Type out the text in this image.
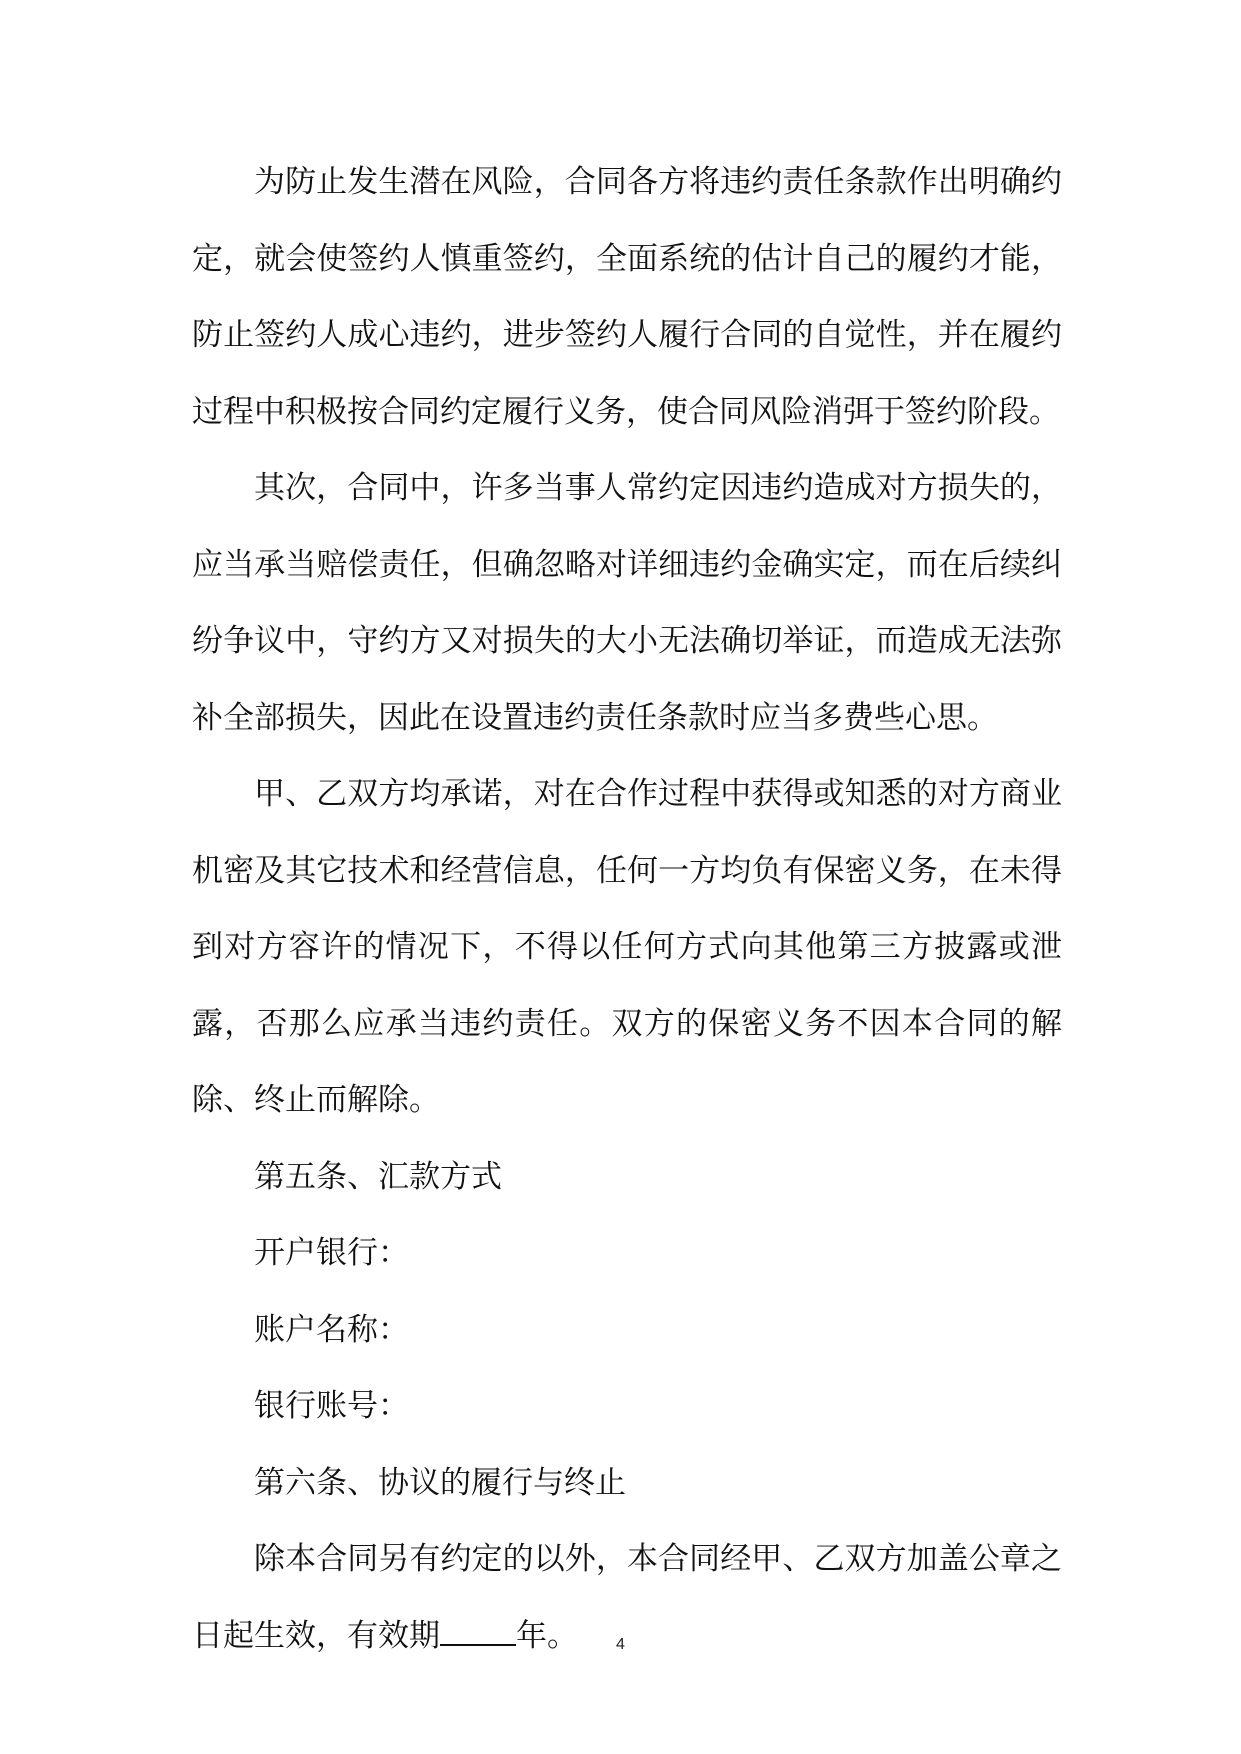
为防止发生潜在风险，合同各方将违约责任条款作出明确约定，就会使签约人慎重签约，全面系统的估计自己的履约才能，防止签约人成心违约，进步签约人履行合同的自觉性，并在履约过程中积极按合同约定履行义务，使合同风险消弭于签约阶段。

其次，合同中，许多当事人常约定因违约造成对方损失的，应当承当赔偿责任，但确忽略对详细违约金确实定，而在后续纠纷争议中，守约方又对损失的大小无法确切举证，而造成无法弥补全部损失，因此在设置违约责任条款时应当多费些心思。

甲、乙双方均承诺，对在合作过程中获得或知悉的对方商业机密及其它技术和经营信息，任何一方均负有保密义务，在未得到对方容许的情况下，不得以任何方式向其他第三方披露或泄露，否那么应承当违约责任。双方的保密义务不因本合同的解除、终止而解除。

第五条、汇款方式

开户银行：

账户名称：

银行账号：

第六条、协议的履行与终止

除本合同另有约定的以外，本合同经甲、乙双方加盖公章之日起生效，有效期 年。	4
